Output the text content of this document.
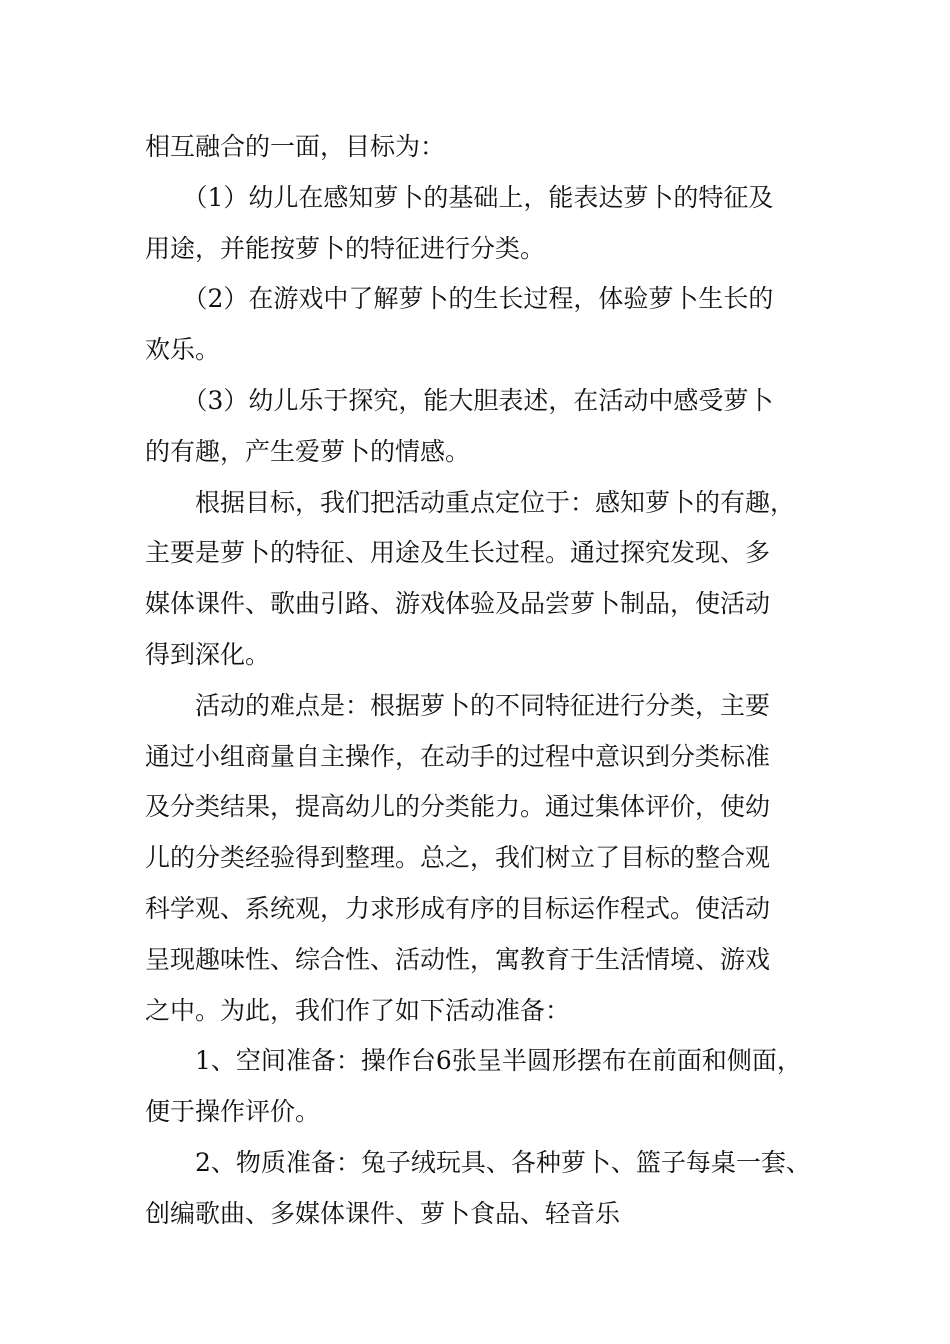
相互融合的一面，目标为：
　　（1）幼儿在感知萝卜的基础上，能表达萝卜的特征及
用途，并能按萝卜的特征进行分类。
　　（2）在游戏中了解萝卜的生长过程，体验萝卜生长的
欢乐。
　　（3）幼儿乐于探究，能大胆表述，在活动中感受萝卜
的有趣，产生爱萝卜的情感。
　　根据目标，我们把活动重点定位于：感知萝卜的有趣，
主要是萝卜的特征、用途及生长过程。通过探究发现、多
媒体课件、歌曲引路、游戏体验及品尝萝卜制品，使活动
得到深化。
　　活动的难点是：根据萝卜的不同特征进行分类，主要
通过小组商量自主操作，在动手的过程中意识到分类标准
及分类结果，提高幼儿的分类能力。通过集体评价，使幼
儿的分类经验得到整理。总之，我们树立了目标的整合观
科学观、系统观，力求形成有序的目标运作程式。使活动
呈现趣味性、综合性、活动性，寓教育于生活情境、游戏
之中。为此，我们作了如下活动准备：
　　1、空间准备：操作台6张呈半圆形摆布在前面和侧面，
便于操作评价。
　　2、物质准备：兔子绒玩具、各种萝卜、篮子每桌一套、
创编歌曲、多媒体课件、萝卜食品、轻音乐
